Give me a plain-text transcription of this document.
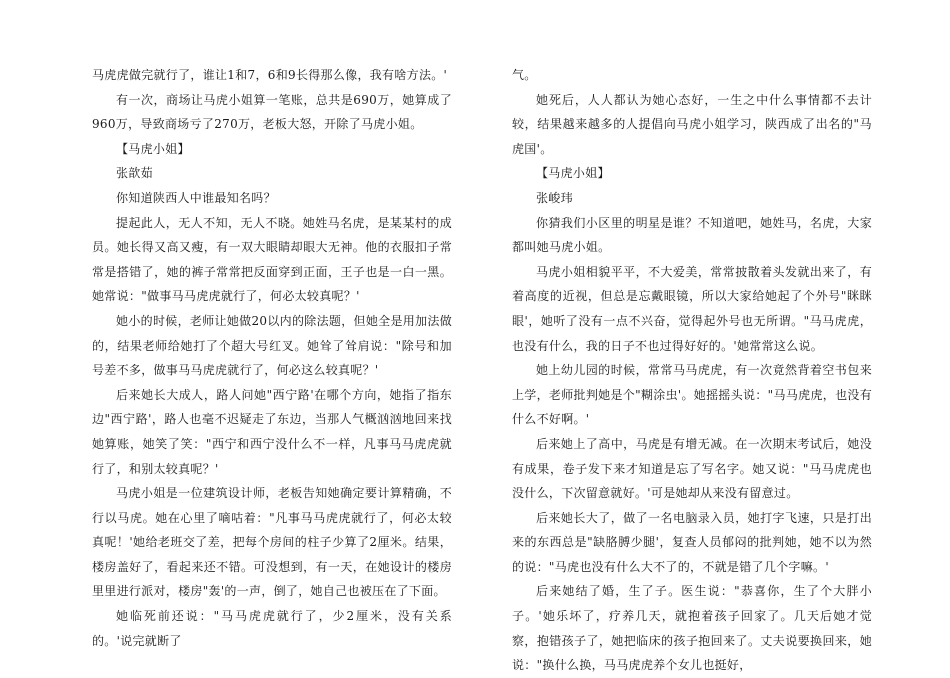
马虎虎做完就行了，谁让1和7，6和9长得那么像，我有啥方法。'

有一次，商场让马虎小姐算一笔账，总共是690万，她算成了960万，导致商场亏了270万，老板大怒，开除了马虎小姐。

【马虎小姐】

张歆茹

你知道陕西人中谁最知名吗？

提起此人，无人不知，无人不晓。她姓马名虎，是某某村的成员。她长得又高又瘦，有一双大眼睛却眼大无神。他的衣服扣子常常是搭错了，她的裤子常常把反面穿到正面，王子也是一白一黑。她常说："做事马马虎虎就行了，何必太较真呢？'

她小的时候，老师让她做20以内的除法题，但她全是用加法做的，结果老师给她打了个超大号红叉。她耸了耸肩说："除号和加号差不多，做事马马虎虎就行了，何必这么较真呢？'

后来她长大成人，路人问她"西宁路'在哪个方向，她指了指东边"西宁路'，路人也毫不迟疑走了东边，当那人气概汹汹地回来找她算账，她笑了笑："西宁和西宁没什么不一样，凡事马马虎虎就行了，和别太较真呢？'

马虎小姐是一位建筑设计师，老板告知她确定要计算精确，不行以马虎。她在心里了嘀咕着："凡事马马虎虎就行了，何必太较真呢！'她给老班交了差，把每个房间的柱子少算了2厘米。结果，楼房盖好了，看起来还不错。可没想到，有一天，在她设计的楼房里里进行派对，楼房"轰'的一声，倒了，她自己也被压在了下面。

她临死前还说："马马虎虎就行了，少2厘米，没有关系的。'说完就断了

气。

她死后，人人都认为她心态好，一生之中什么事情都不去计较，结果越来越多的人提倡向马虎小姐学习，陕西成了出名的"马虎国'。

【马虎小姐】

张峻玮

你猜我们小区里的明星是谁？不知道吧，她姓马，名虎，大家都叫她马虎小姐。

马虎小姐相貌平平，不大爱美，常常披散着头发就出来了，有着高度的近视，但总是忘戴眼镜，所以大家给她起了个外号"眯眯眼'，她听了没有一点不兴奋，觉得起外号也无所谓。"马马虎虎，也没有什么，我的日子不也过得好好的。'她常常这么说。

她上幼儿园的时候，常常马马虎虎，有一次竟然背着空书包来上学，老师批判她是个"糊涂虫'。她摇摇头说："马马虎虎，也没有什么不好啊。'

后来她上了高中，马虎是有增无减。在一次期末考试后，她没有成果，卷子发下来才知道是忘了写名字。她又说："马马虎虎也没什么，下次留意就好。'可是她却从来没有留意过。

后来她长大了，做了一名电脑录入员，她打字飞速，只是打出来的东西总是"缺胳膊少腿'，复查人员郁闷的批判她，她不以为然的说："马虎也没有什么大不了的，不就是错了几个字嘛。'

后来她结了婚，生了子。医生说："恭喜你，生了个大胖小子。'她乐坏了，疗养几天，就抱着孩子回家了。几天后她才觉察，抱错孩子了，她把临床的孩子抱回来了。丈夫说要换回来，她说："换什么换，马马虎虎养个女儿也挺好，
